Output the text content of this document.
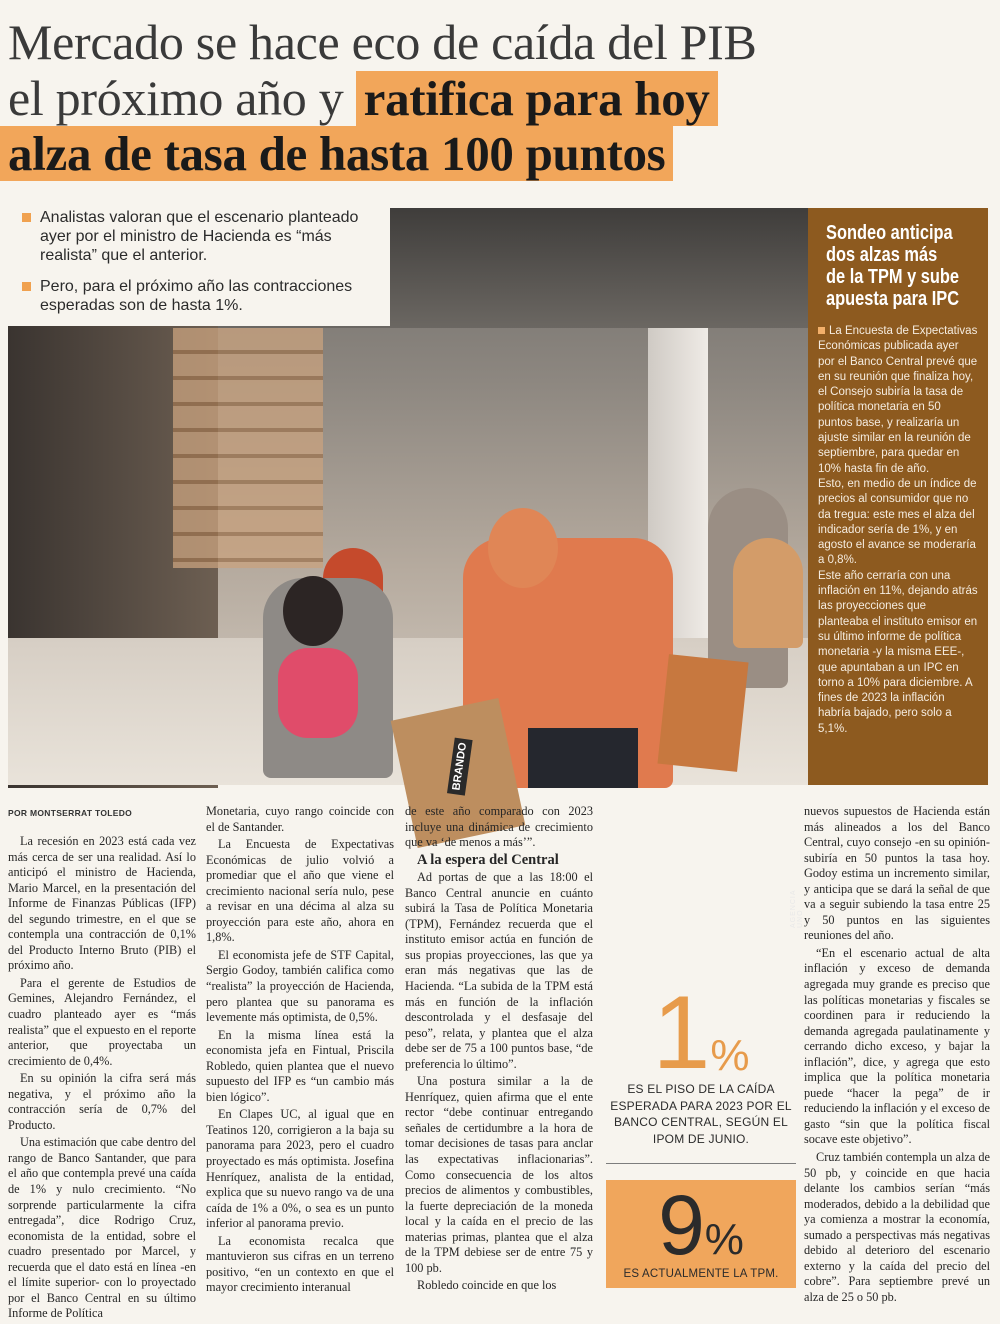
Mercado se hace eco de caída del PIB
el próximo año y ratifica para hoy
alza de tasa de hasta 100 puntos
BRANDO
AGENCIA UNO
Analistas valoran que el escenario planteado ayer por el ministro de Hacienda es “más realista” que el anterior.
Pero, para el próximo año las contracciones esperadas son de hasta 1%.
Sondeo anticipa
dos alzas más
de la TPM y sube
apuesta para IPC

La Encuesta de Expectativas Económicas publicada ayer por el Banco Central prevé que en su reunión que finaliza hoy, el Consejo subiría la tasa de política monetaria en 50 puntos base, y realizaría un ajuste similar en la reunión de septiembre, para quedar en 10% hasta fin de año.

Esto, en medio de un índice de precios al consumidor que no da tregua: este mes el alza del indicador sería de 1%, y en agosto el avance se moderaría a 0,8%.

Este año cerraría con una inflación en 11%, dejando atrás las proyecciones que planteaba el instituto emisor en su último informe de política monetaria -y la misma EEE-, que apuntaban a un IPC en torno a 10% para diciembre. A fines de 2023 la inflación habría bajado, pero solo a 5,1%.

POR MONTSERRAT TOLEDO

La recesión en 2023 está cada vez más cerca de ser una realidad. Así lo anticipó el ministro de Hacienda, Mario Marcel, en la presentación del Informe de Finanzas Públicas (IFP) del segundo trimestre, en el que se contempla una contracción de 0,1% del Producto Interno Bruto (PIB) el próximo año.

Para el gerente de Estudios de Gemines, Alejandro Fernández, el cuadro planteado ayer es “más realista” que el expuesto en el reporte anterior, que proyectaba un crecimiento de 0,4%.

En su opinión la cifra será más negativa, y el próximo año la contracción sería de 0,7% del Producto.

Una estimación que cabe dentro del rango de Banco Santander, que para el año que contempla prevé una caída de 1% y nulo crecimiento. “No sorprende particularmente la cifra entregada”, dice Rodrigo Cruz, economista de la entidad, sobre el cuadro presentado por Marcel, y recuerda que el dato está en línea -en el límite superior- con lo proyectado por el Banco Central en su último Informe de Política

Monetaria, cuyo rango coincide con el de Santander.

La Encuesta de Expectativas Económicas de julio volvió a promediar que el año que viene el crecimiento nacional sería nulo, pese a revisar en una décima al alza su proyección para este año, ahora en 1,8%.

El economista jefe de STF Capital, Sergio Godoy, también califica como “realista” la proyección de Hacienda, pero plantea que su panorama es levemente más optimista, de 0,5%.

En la misma línea está la economista jefa en Fintual, Priscila Robledo, quien plantea que el nuevo supuesto del IFP es “un cambio más bien lógico”.

En Clapes UC, al igual que en Teatinos 120, corrigieron a la baja su panorama para 2023, pero el cuadro proyectado es más optimista. Josefina Henríquez, analista de la entidad, explica que su nuevo rango va de una caída de 1% a 0%, o sea es un punto inferior al panorama previo.

La economista recalca que mantuvieron sus cifras en un terreno positivo, “en un contexto en que el mayor crecimiento interanual

de este año comparado con 2023 incluye una dinámica de crecimiento que va ‘de menos a más’”.

A la espera del Central

Ad portas de que a las 18:00 el Banco Central anuncie en cuánto subirá la Tasa de Política Monetaria (TPM), Fernández recuerda que el instituto emisor actúa en función de sus propias proyecciones, las que ya eran más negativas que las de Hacienda. “La subida de la TPM está más en función de la inflación descontrolada y el desfasaje del peso”, relata, y plantea que el alza debe ser de 75 a 100 puntos base, “de preferencia lo último”.

Una postura similar a la de Henríquez, quien afirma que el ente rector “debe continuar entregando señales de certidumbre a la hora de tomar decisiones de tasas para anclar las expectativas inflacionarias”. Como consecuencia de los altos precios de alimentos y combustibles, la fuerte depreciación de la moneda local y la caída en el precio de las materias primas, plantea que el alza de la TPM debiese ser de entre 75 y 100 pb.

Robledo coincide en que los

1%
ES EL PISO DE LA CAÍDA ESPERADA PARA 2023 POR EL BANCO CENTRAL, SEGÚN EL IPOM DE JUNIO.
9%
ES ACTUALMENTE LA TPM.

nuevos supuestos de Hacienda están más alineados a los del Banco Central, cuyo consejo -en su opinión- subiría en 50 puntos la tasa hoy. Godoy estima un incremento similar, y anticipa que se dará la señal de que va a seguir subiendo la tasa entre 25 y 50 puntos en las siguientes reuniones del año.

“En el escenario actual de alta inflación y exceso de demanda agregada muy grande es preciso que las políticas monetarias y fiscales se coordinen para ir reduciendo la demanda agregada paulatinamente y cerrando dicho exceso, y bajar la inflación”, dice, y agrega que esto implica que la política monetaria puede “hacer la pega” de ir reduciendo la inflación y el exceso de gasto “sin que la política fiscal socave este objetivo”.

Cruz también contempla un alza de 50 pb, y coincide en que hacia delante los cambios serían “más moderados, debido a la debilidad que ya comienza a mostrar la economía, sumado a perspectivas más negativas debido al deterioro del escenario externo y la caída del precio del cobre”. Para septiembre prevé un alza de 25 o 50 pb.
